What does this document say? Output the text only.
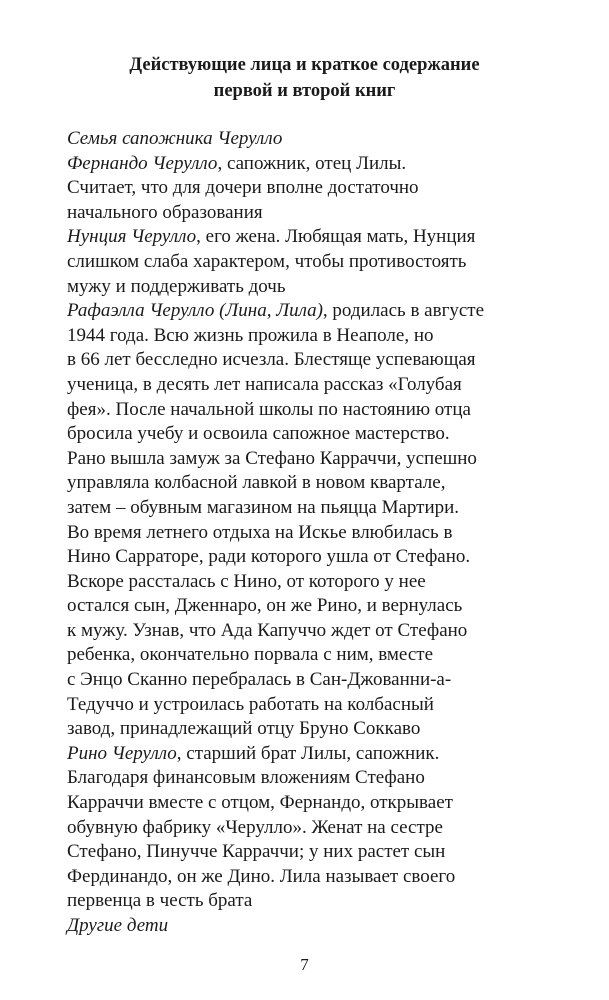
Действующие лица и краткое содержание
первой и второй книг
Семья сапожника Черулло
Фернандо Черулло, сапожник, отец Лилы.
Считает, что для дочери вполне достаточно
начального образования
Нунция Черулло, его жена. Любящая мать, Нунция
слишком слаба характером, чтобы противостоять
мужу и поддерживать дочь
Рафаэлла Черулло (Лина, Лила), родилась в августе
1944 года. Всю жизнь прожила в Неаполе, но
в 66 лет бесследно исчезла. Блестяще успевающая
ученица, в десять лет написала рассказ «Голубая
фея». После начальной школы по настоянию отца
бросила учебу и освоила сапожное мастерство.
Рано вышла замуж за Стефано Карраччи, успешно
управляла колбасной лавкой в новом квартале,
затем – обувным магазином на пьяцца Мартири.
Во время летнего отдыха на Искье влюбилась в
Нино Сарраторе, ради которого ушла от Стефано.
Вскоре рассталась с Нино, от которого у нее
остался сын, Дженнаро, он же Рино, и вернулась
к мужу. Узнав, что Ада Капуччо ждет от Стефано
ребенка, окончательно порвала с ним, вместе
с Энцо Сканно перебралась в Сан-Джованни-а-
Тедуччо и устроилась работать на колбасный
завод, принадлежащий отцу Бруно Соккаво
Рино Черулло, старший брат Лилы, сапожник.
Благодаря финансовым вложениям Стефано
Карраччи вместе с отцом, Фернандо, открывает
обувную фабрику «Черулло». Женат на сестре
Стефано, Пинучче Карраччи; у них растет сын
Фердинандо, он же Дино. Лила называет своего
первенца в честь брата
Другие дети
7
